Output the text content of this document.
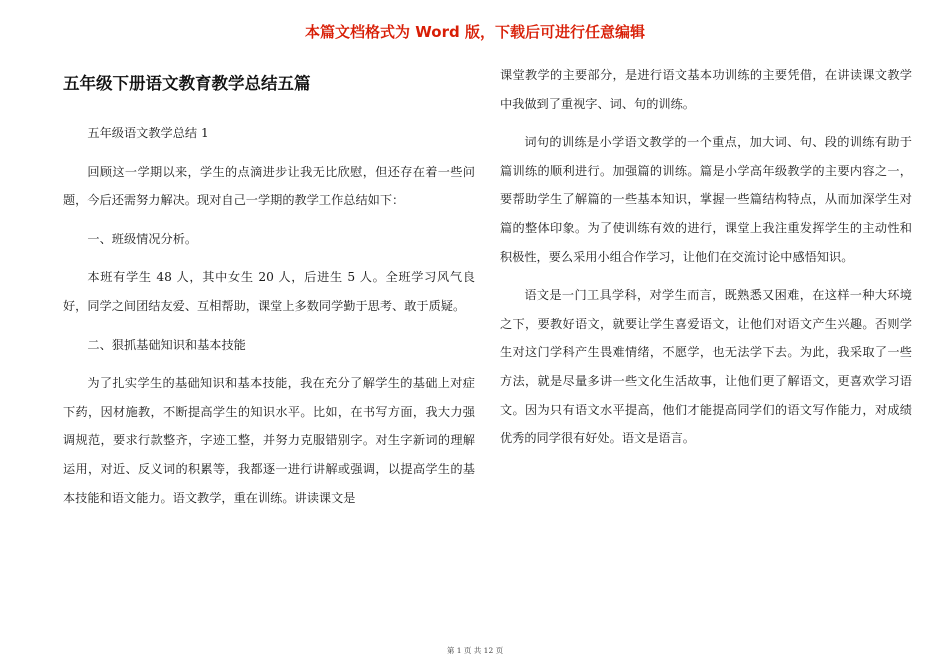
本篇文档格式为 Word 版，下载后可进行任意编辑
五年级下册语文教育教学总结五篇

五年级语文教学总结 1

回顾这一学期以来，学生的点滴进步让我无比欣慰，但还存在着一些问题，今后还需努力解决。现对自己一学期的教学工作总结如下：

一、班级情况分析。

本班有学生 48 人，其中女生 20 人，后进生 5 人。全班学习风气良好，同学之间团结友爱、互相帮助，课堂上多数同学勤于思考、敢于质疑。

二、狠抓基础知识和基本技能

为了扎实学生的基础知识和基本技能，我在充分了解学生的基础上对症下药，因材施教，不断提高学生的知识水平。比如，在书写方面，我大力强调规范，要求行款整齐，字迹工整，并努力克服错别字。对生字新词的理解运用，对近、反义词的积累等，我都逐一进行讲解或强调，以提高学生的基本技能和语文能力。语文教学，重在训练。讲读课文是

课堂教学的主要部分，是进行语文基本功训练的主要凭借，在讲读课文教学中我做到了重视字、词、句的训练。

词句的训练是小学语文教学的一个重点，加大词、句、段的训练有助于篇训练的顺利进行。加强篇的训练。篇是小学高年级教学的主要内容之一，要帮助学生了解篇的一些基本知识，掌握一些篇结构特点，从而加深学生对篇的整体印象。为了使训练有效的进行，课堂上我注重发挥学生的主动性和积极性，要么采用小组合作学习，让他们在交流讨论中感悟知识。

语文是一门工具学科，对学生而言，既熟悉又困难，在这样一种大环境之下，要教好语文，就要让学生喜爱语文，让他们对语文产生兴趣。否则学生对这门学科产生畏难情绪，不愿学，也无法学下去。为此，我采取了一些方法，就是尽量多讲一些文化生活故事，让他们更了解语文，更喜欢学习语文。因为只有语文水平提高，他们才能提高同学们的语文写作能力，对成绩优秀的同学很有好处。语文是语言。

第 1 页 共 12 页
